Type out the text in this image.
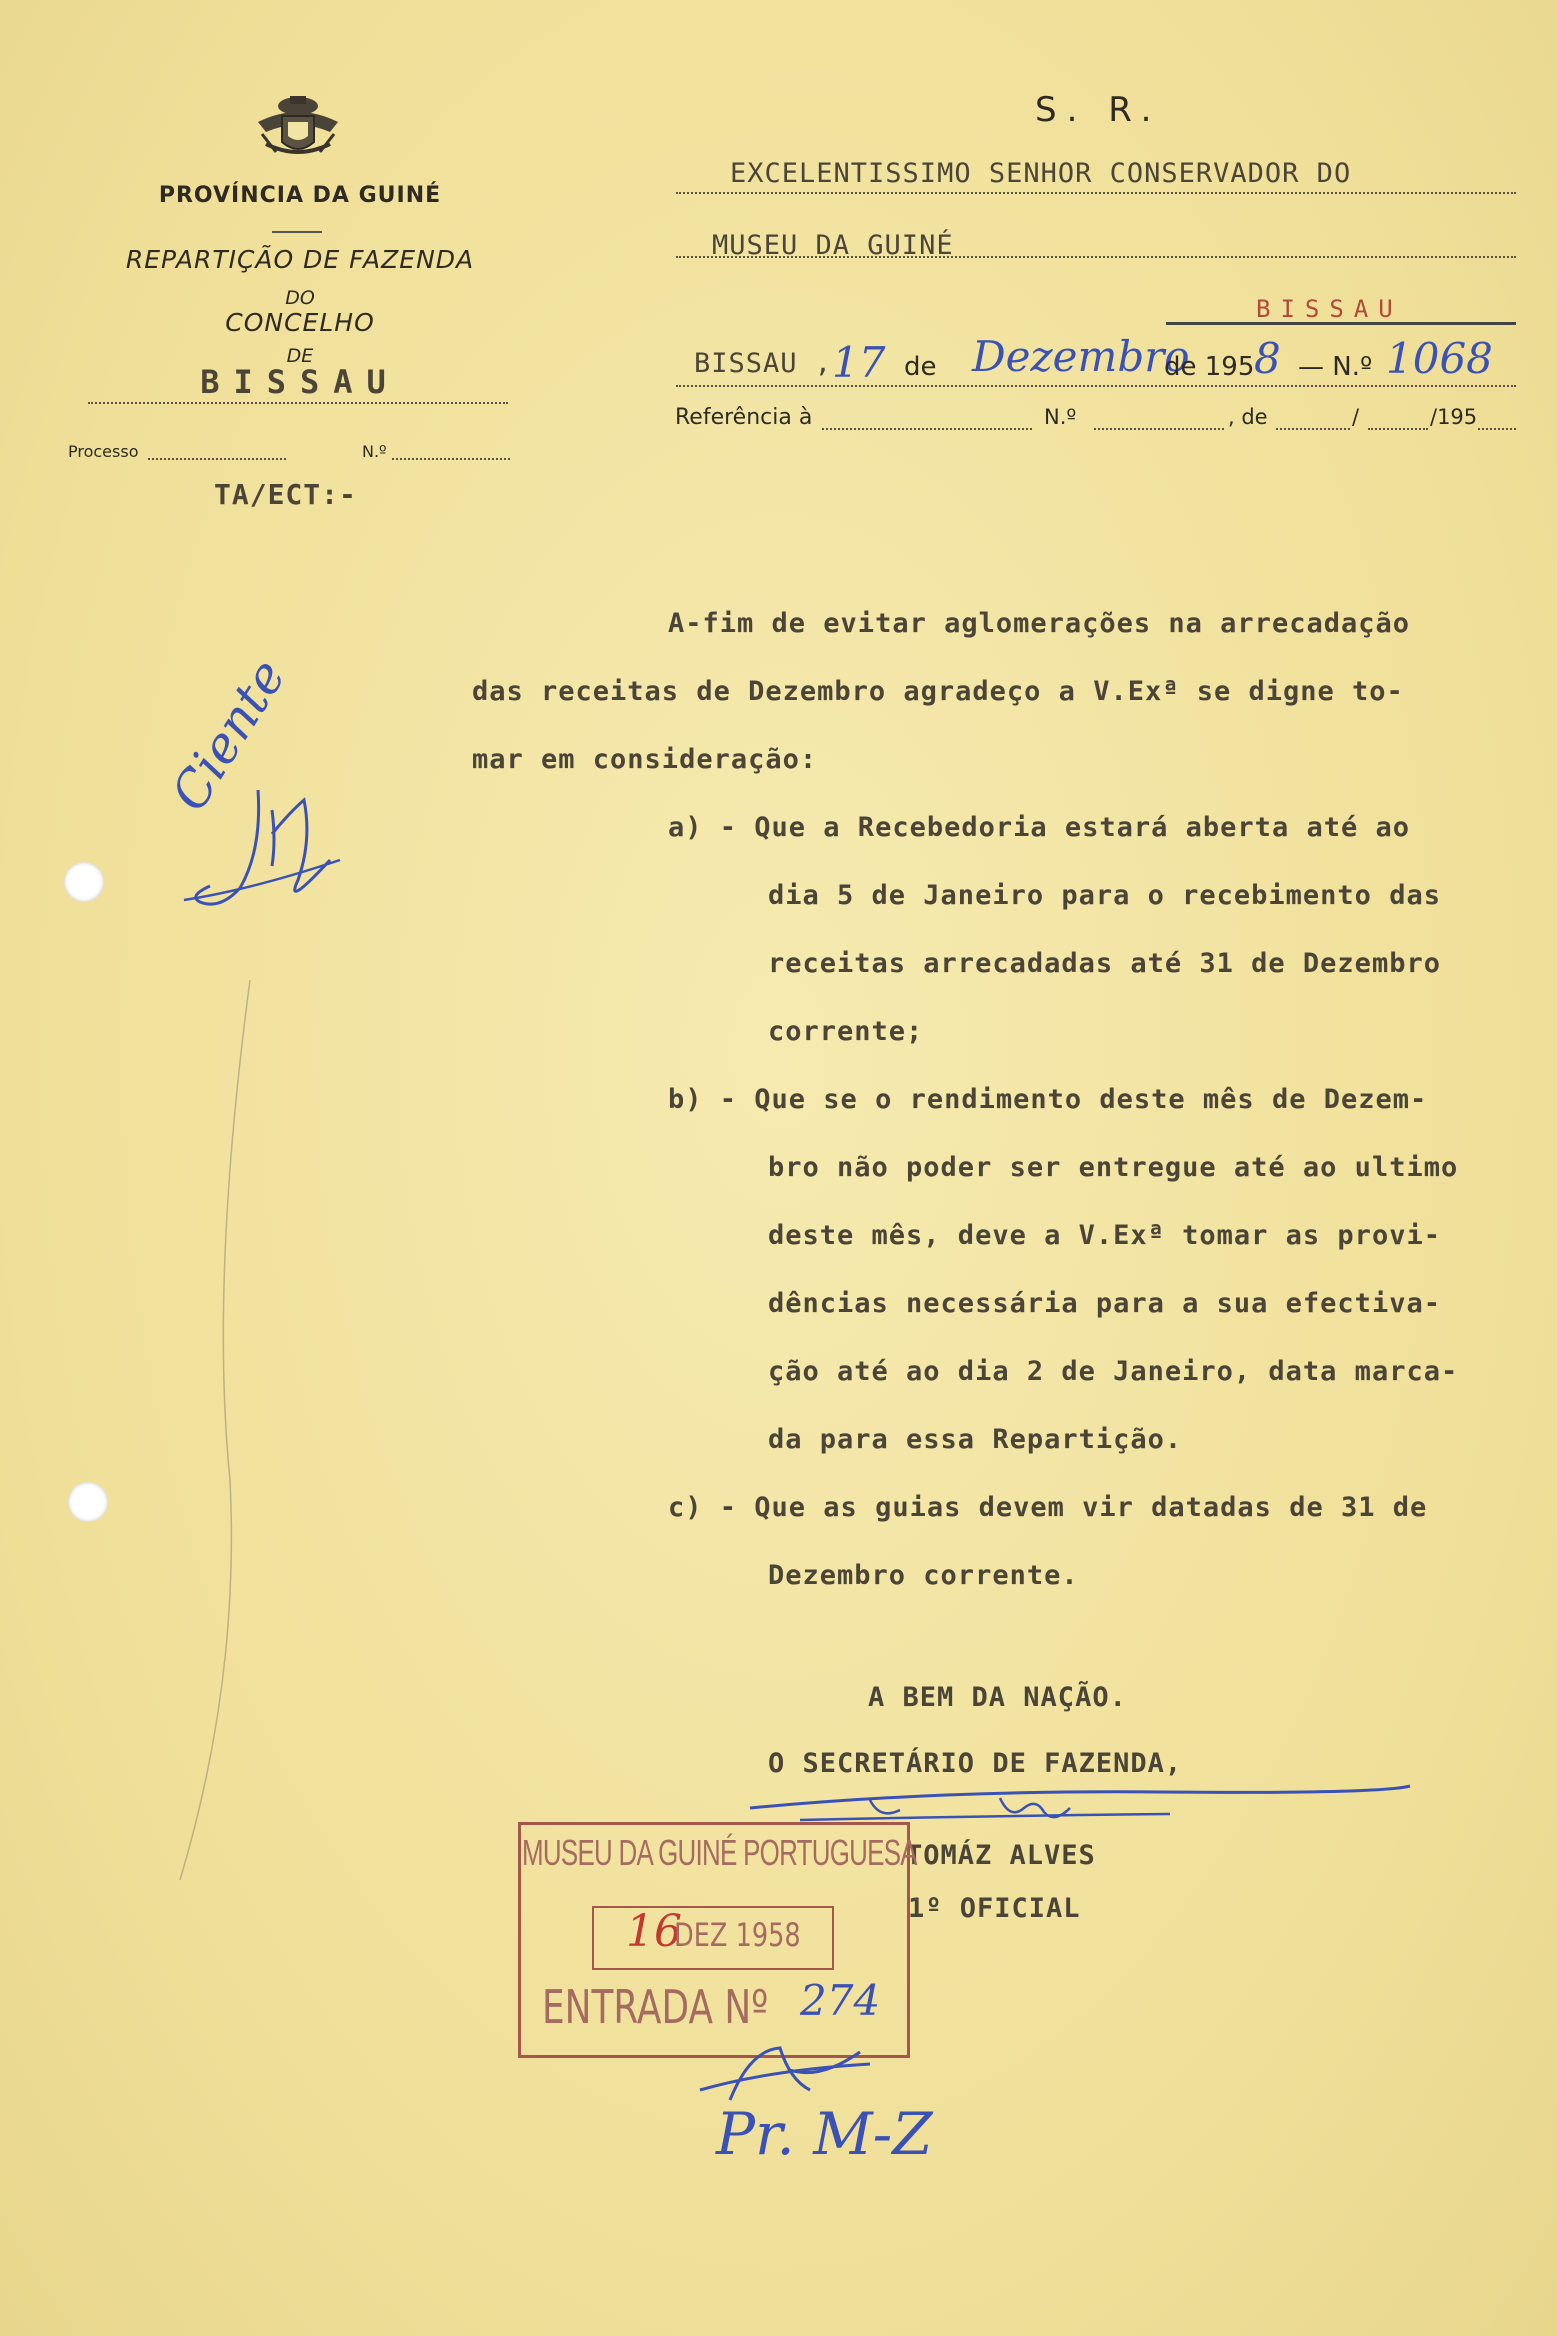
PROVÍNCIA DA GUINÉ
REPARTIÇÃO DE FAZENDA
DO
CONCELHO
DE
BISSAU
Processo	N.º
TA/ECT:-
S. R.
EXCELENTISSIMO SENHOR CONSERVADOR DO
MUSEU DA GUINÉ
BISSAU
BISSAU , 17 de Dezembro
de 195 8 — N.º 1068
Referência à	N.º	, de	/	/195
A-fim de evitar aglomerações na arrecadação
das receitas de Dezembro agradeço a V.Exª se digne to-
mar em consideração:
a) - Que a Recebedoria estará aberta até ao
dia 5 de Janeiro para o recebimento das
receitas arrecadadas até 31 de Dezembro
corrente;
b) - Que se o rendimento deste mês de Dezem-
bro não poder ser entregue até ao ultimo
deste mês, deve a V.Exª tomar as provi-
dências necessária para a sua efectiva-
ção até ao dia 2 de Janeiro, data marca-
da para essa Repartição.
c) - Que as guias devem vir datadas de 31 de
Dezembro corrente.
A BEM DA NAÇÃO.
O SECRETÁRIO DE FAZENDA,
TOMÁZ ALVES
1º OFICIAL
MUSEU DA GUINÉ PORTUGUESA
16
DEZ 1958
ENTRADA Nº 274
Ciente
Pr. M-Z
